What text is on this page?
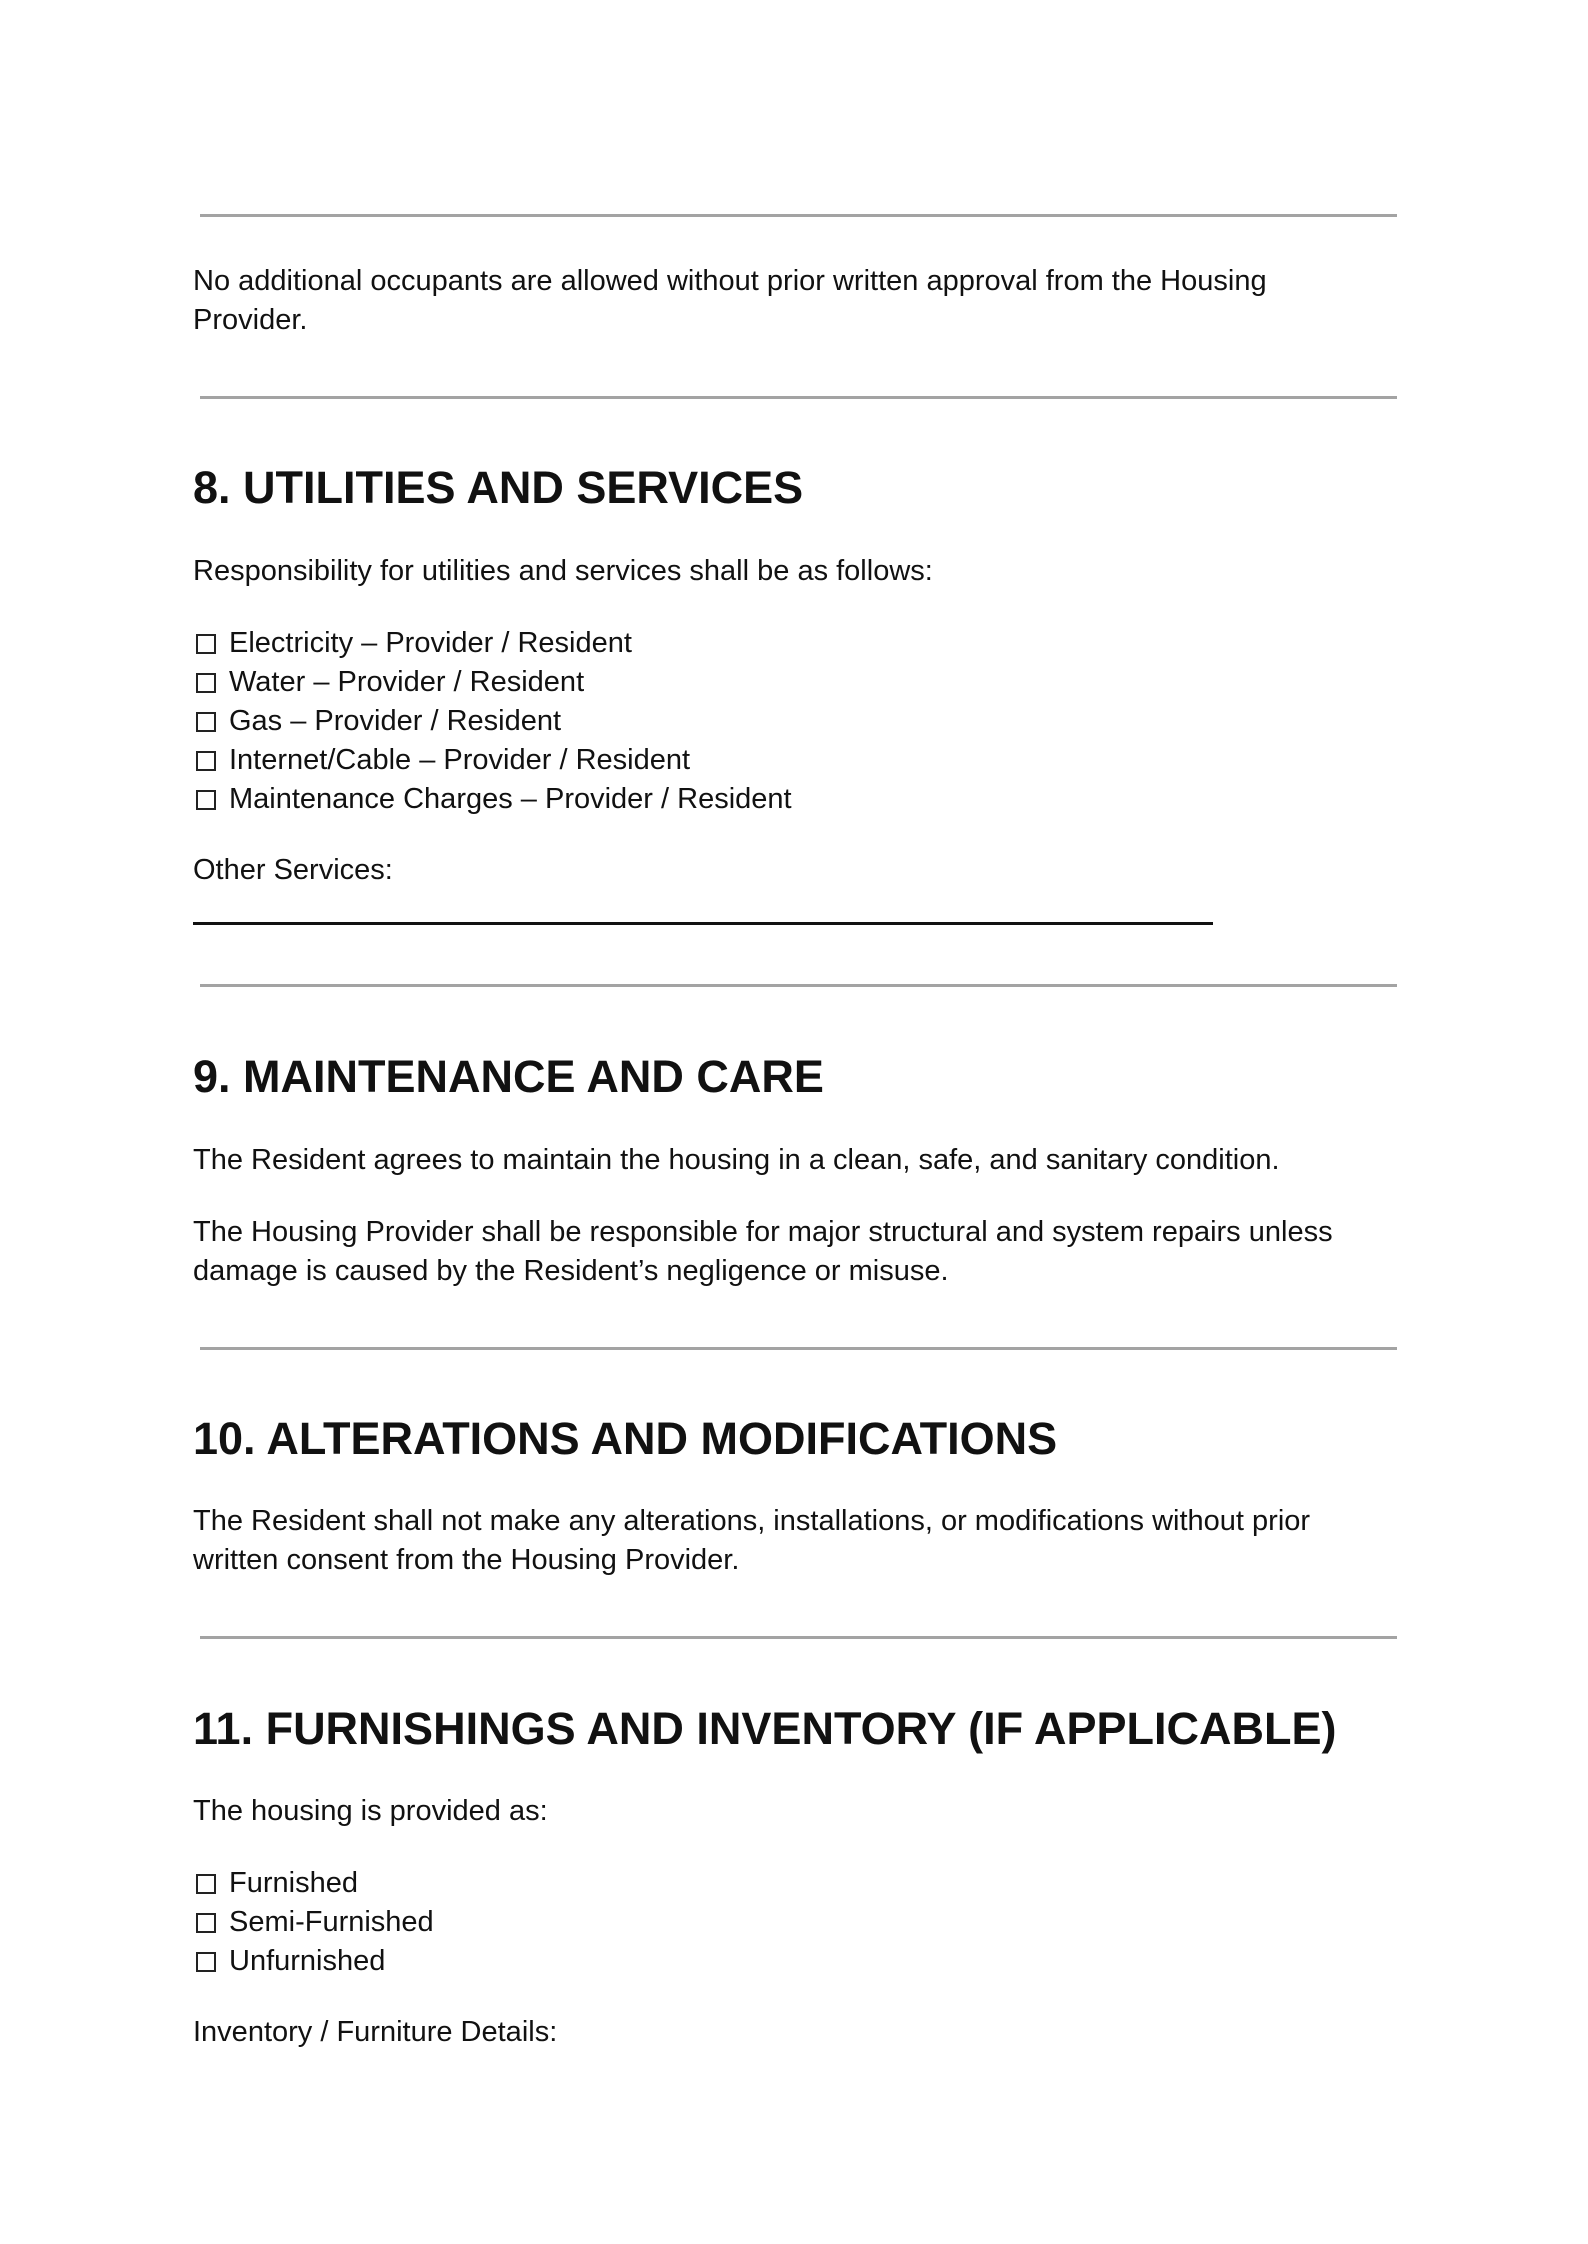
No additional occupants are allowed without prior written approval from the Housing Provider.

8. UTILITIES AND SERVICES

Responsibility for utilities and services shall be as follows:

Electricity – Provider / Resident
Water – Provider / Resident
Gas – Provider / Resident
Internet/Cable – Provider / Resident
Maintenance Charges – Provider / Resident

Other Services:

9. MAINTENANCE AND CARE

The Resident agrees to maintain the housing in a clean, safe, and sanitary condition.

The Housing Provider shall be responsible for major structural and system repairs unless damage is caused by the Resident’s negligence or misuse.

10. ALTERATIONS AND MODIFICATIONS

The Resident shall not make any alterations, installations, or modifications without prior written consent from the Housing Provider.

11. FURNISHINGS AND INVENTORY (IF APPLICABLE)

The housing is provided as:

Furnished
Semi-Furnished
Unfurnished

Inventory / Furniture Details:
